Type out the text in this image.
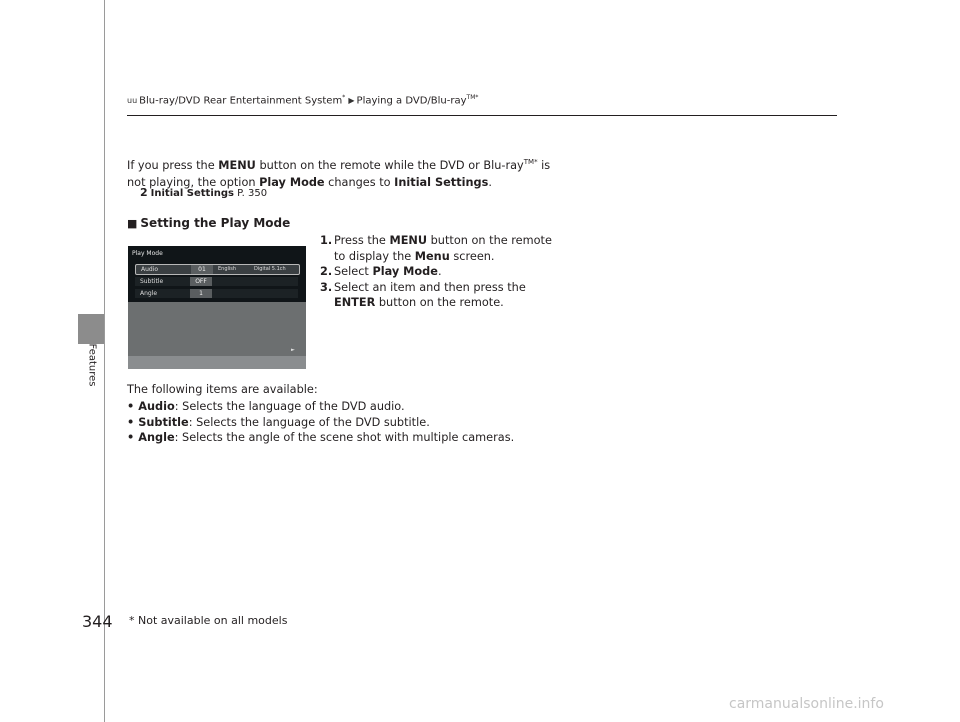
Features
uu Blu-ray/DVD Rear Entertainment System* ▶ Playing a DVD/Blu-ray$^{TM*}$
If you press the MENU button on the remote while the DVD or Blu-ray$^{TM*}$ is not playing, the option Play Mode changes to Initial Settings.
2 Initial Settings P. 350
■ Setting the Play Mode
Play Mode
Audio	01	English	Digital 5.1ch
Subtitle	OFF
Angle	1
►

1. Press the MENU button on the remote to display the Menu screen.

2. Select Play Mode.

3. Select an item and then press the ENTER button on the remote.

The following items are available:
• Audio: Selects the language of the DVD audio.
• Subtitle: Selects the language of the DVD subtitle.
• Angle: Selects the angle of the scene shot with multiple cameras.
344 * Not available on all models
carmanualsonline.info
